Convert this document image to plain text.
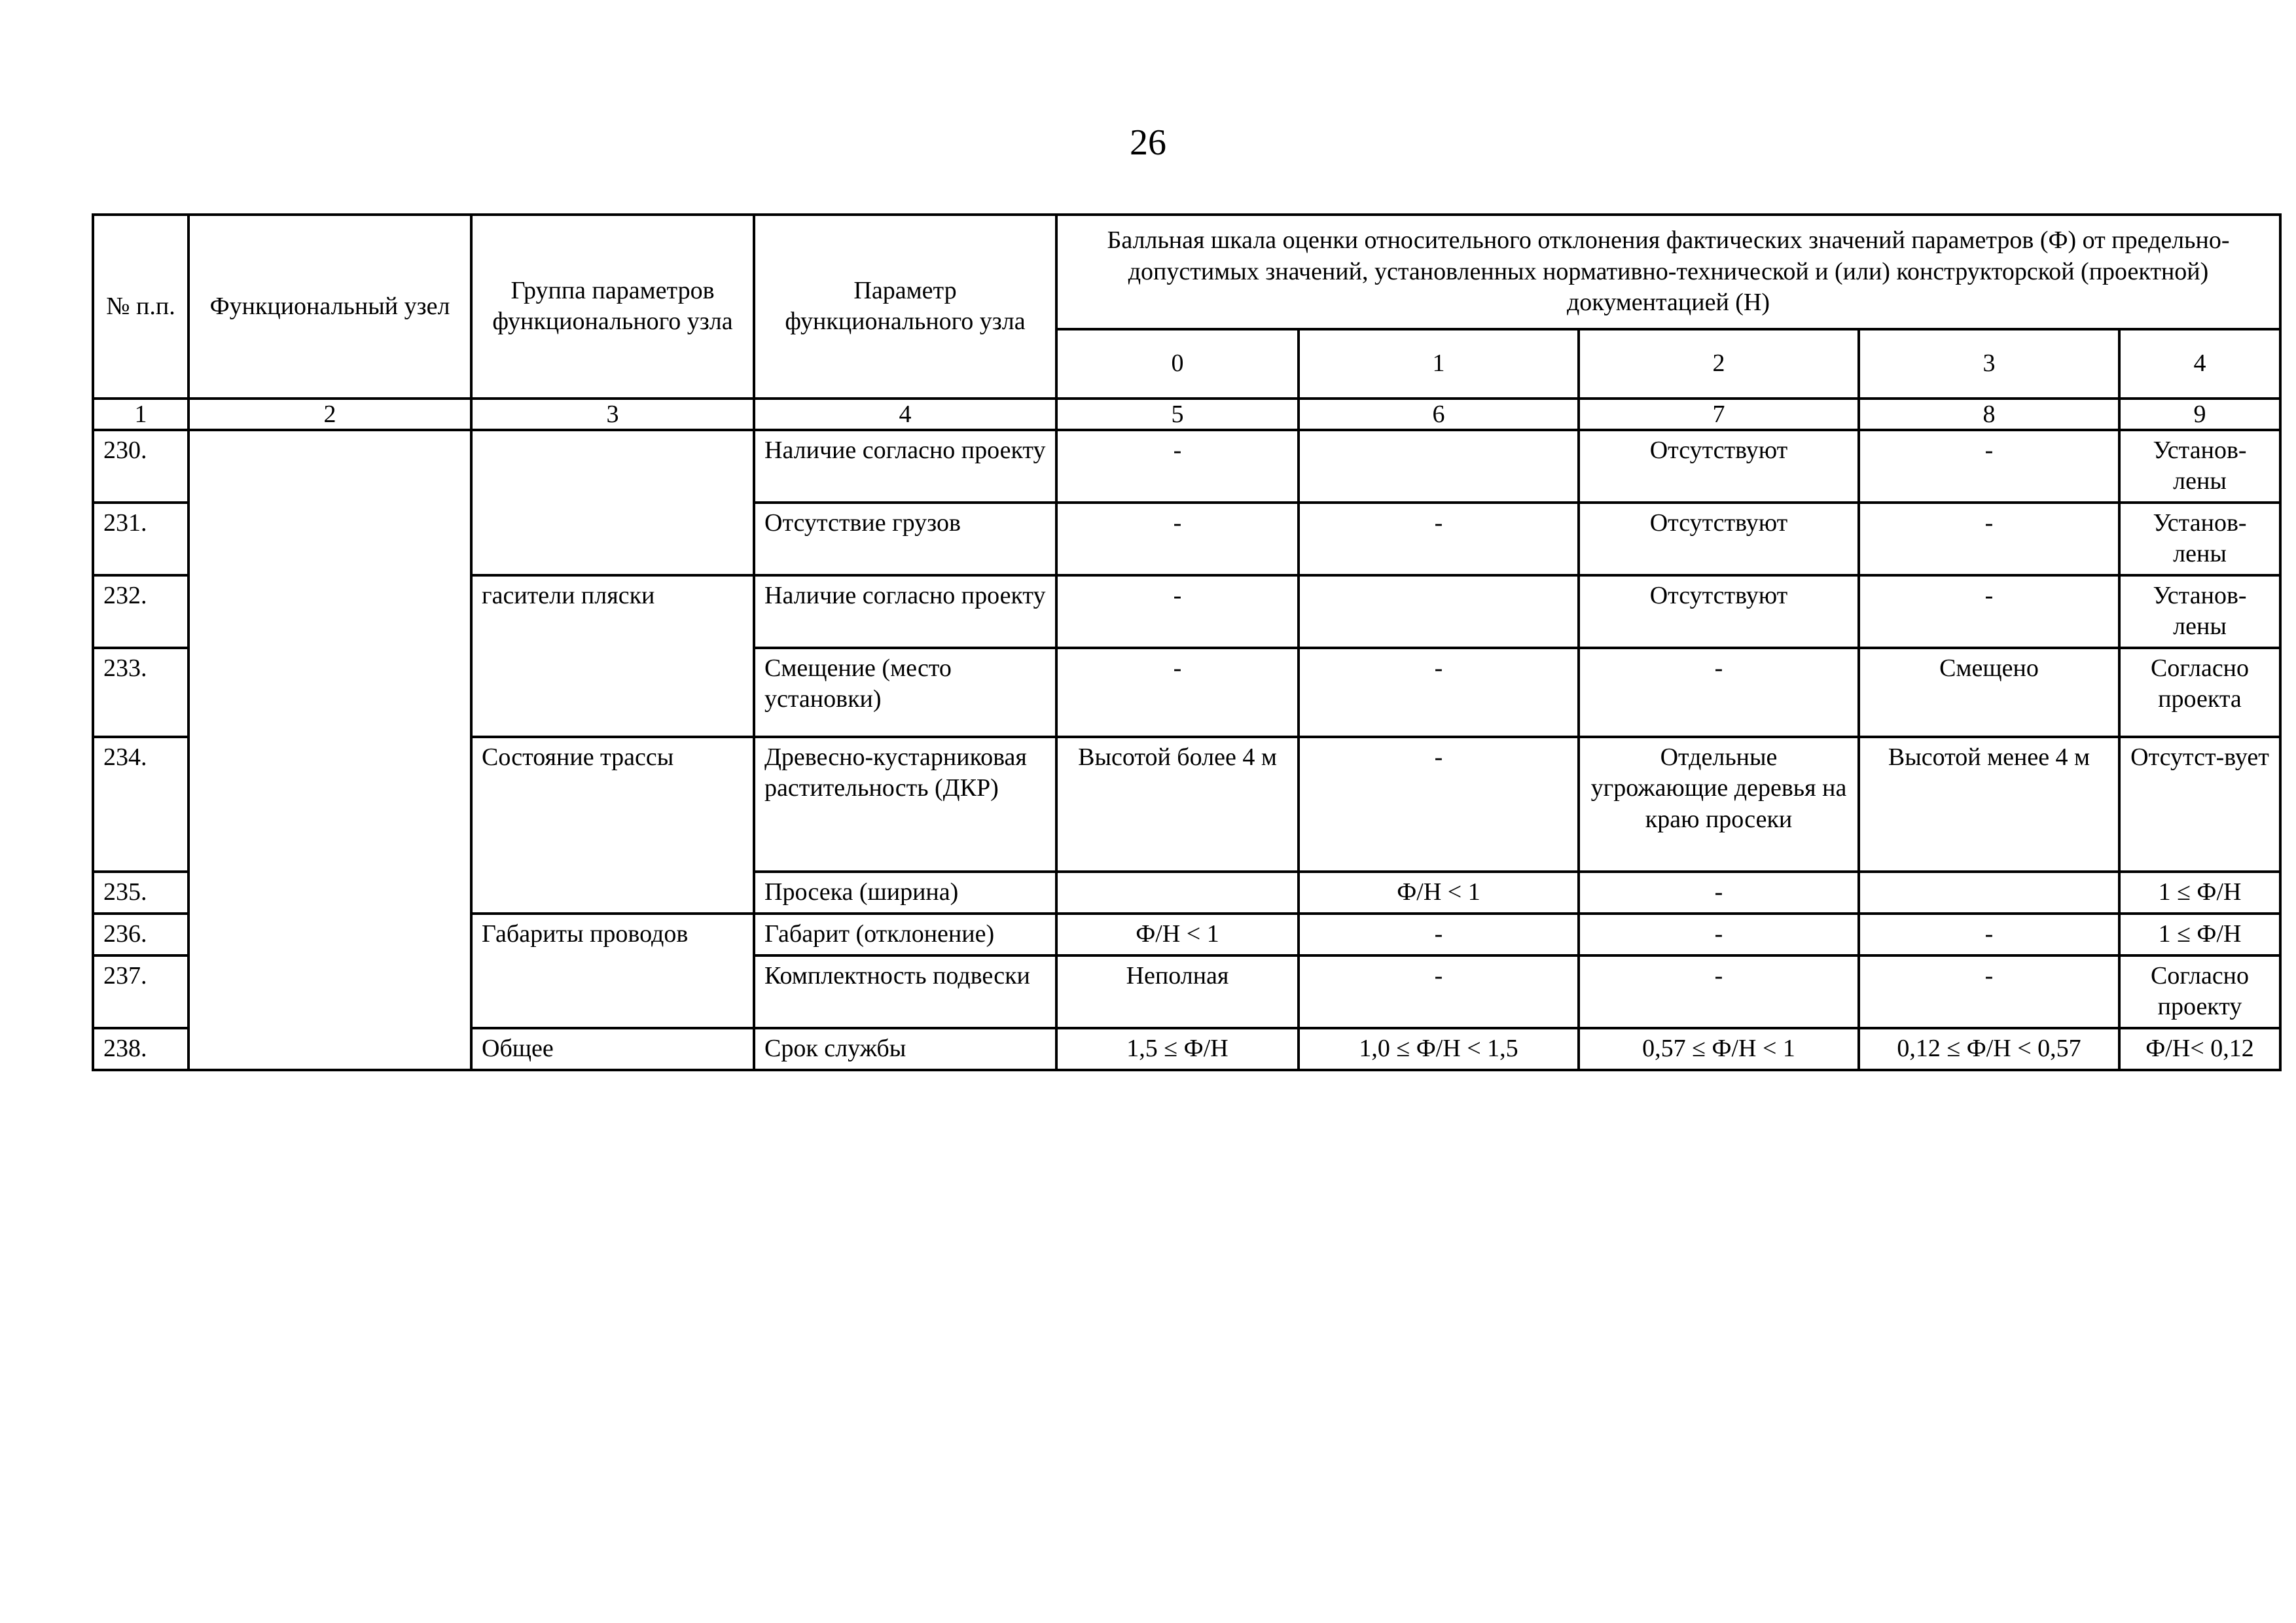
26
№ п.п.	Функциональный узел	Группа параметров функционального узла	Параметр функционального узла	Балльная шкала оценки относительного отклонения фактических значений параметров (Ф) от предельно-допустимых значений, установленных нормативно-технической и (или) конструкторской (проектной) документацией (Н)				
				0	1	2	3	4
1	2	3	4	5	6	7	8	9
230.			Наличие согласно проекту	-		Отсутствуют	-	Установ-лены
231.			Отсутствие грузов	-	-	Отсутствуют	-	Установ-лены
232.		гасители пляски	Наличие согласно проекту	-		Отсутствуют	-	Установ-лены
233.			Смещение (место установки)	-	-	-	Смещено	Согласно проекта
234.		Состояние трассы	Древесно-кустарниковая растительность (ДКР)	Высотой более 4 м	-	Отдельные угрожающие деревья на краю просеки	Высотой менее 4 м	Отсутст-вует
235.			Просека (ширина)		Ф/Н < 1	-		1 ≤ Ф/Н
236.		Габариты проводов	Габарит (отклонение)	Ф/Н < 1	-	-	-	1 ≤ Ф/Н
237.			Комплектность подвески	Неполная	-	-	-	Согласно проекту
238.		Общее	Срок службы	1,5 ≤ Ф/Н	1,0 ≤ Ф/Н < 1,5	0,57 ≤ Ф/Н < 1	0,12 ≤ Ф/Н < 0,57	Ф/Н< 0,12
